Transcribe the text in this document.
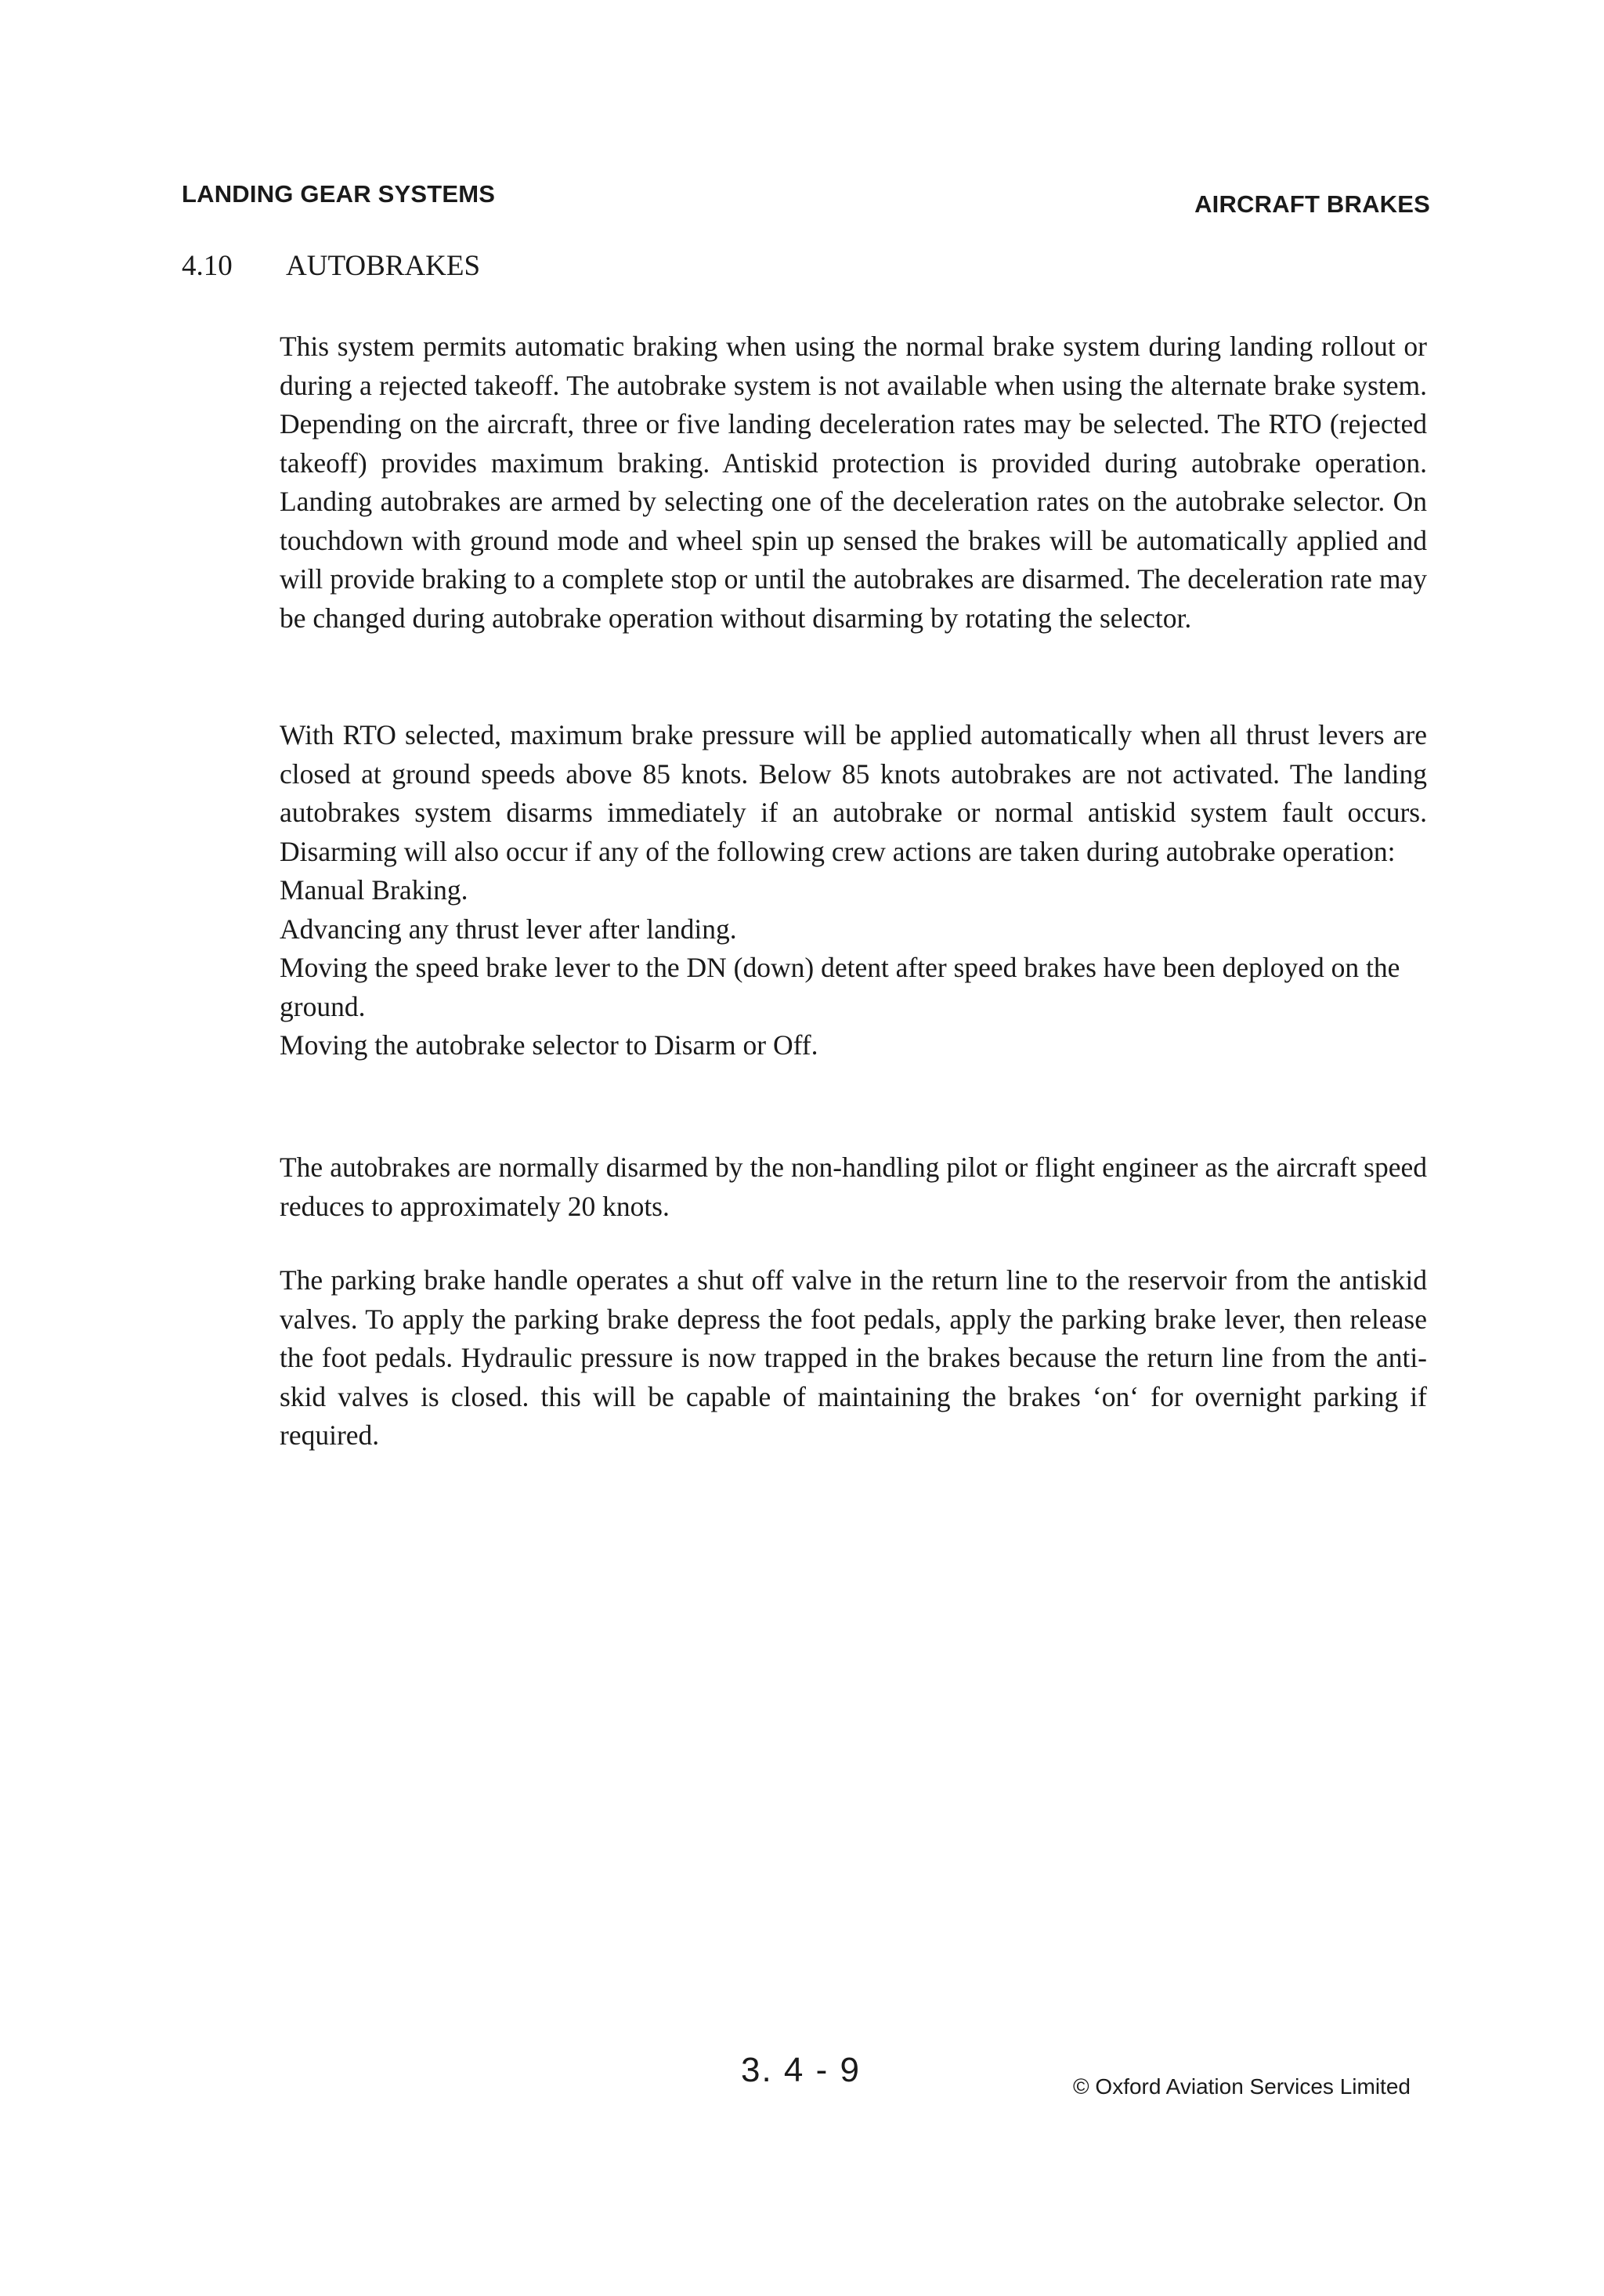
LANDING GEAR SYSTEMS	AIRCRAFT BRAKES
4.10 AUTOBRAKES

This system permits automatic braking when using the normal brake system during landing rollout or during a rejected takeoff. The autobrake system is not available when using the alternate brake system. Depending on the aircraft, three or five landing deceleration rates may be selected. The RTO (rejected takeoff) provides maximum braking. Antiskid protection is provided during autobrake operation. Landing autobrakes are armed by selecting one of the deceleration rates on the autobrake selector. On touchdown with ground mode and wheel spin up sensed the brakes will be automatically applied and will provide braking to a complete stop or until the autobrakes are disarmed. The deceleration rate may be changed during autobrake operation without disarming by rotating the selector.

With RTO selected, maximum brake pressure will be applied automatically when all thrust levers are closed at ground speeds above 85 knots. Below 85 knots autobrakes are not activated. The landing autobrakes system disarms immediately if an autobrake or normal antiskid system fault occurs. Disarming will also occur if any of the following crew actions are taken during autobrake operation:

Manual Braking.

Advancing any thrust lever after landing.

Moving the speed brake lever to the DN (down) detent after speed brakes have been deployed on the ground.

Moving the autobrake selector to Disarm or Off.

The autobrakes are normally disarmed by the non-handling pilot or flight engineer as the aircraft speed reduces to approximately 20 knots.

The parking brake handle operates a shut off valve in the return line to the reservoir from the antiskid valves. To apply the parking brake depress the foot pedals, apply the parking brake lever, then release the foot pedals. Hydraulic pressure is now trapped in the brakes because the return line from the anti-skid valves is closed. this will be capable of maintaining the brakes ‘on‘ for overnight parking if required.

3. 4 - 9	© Oxford Aviation Services Limited
